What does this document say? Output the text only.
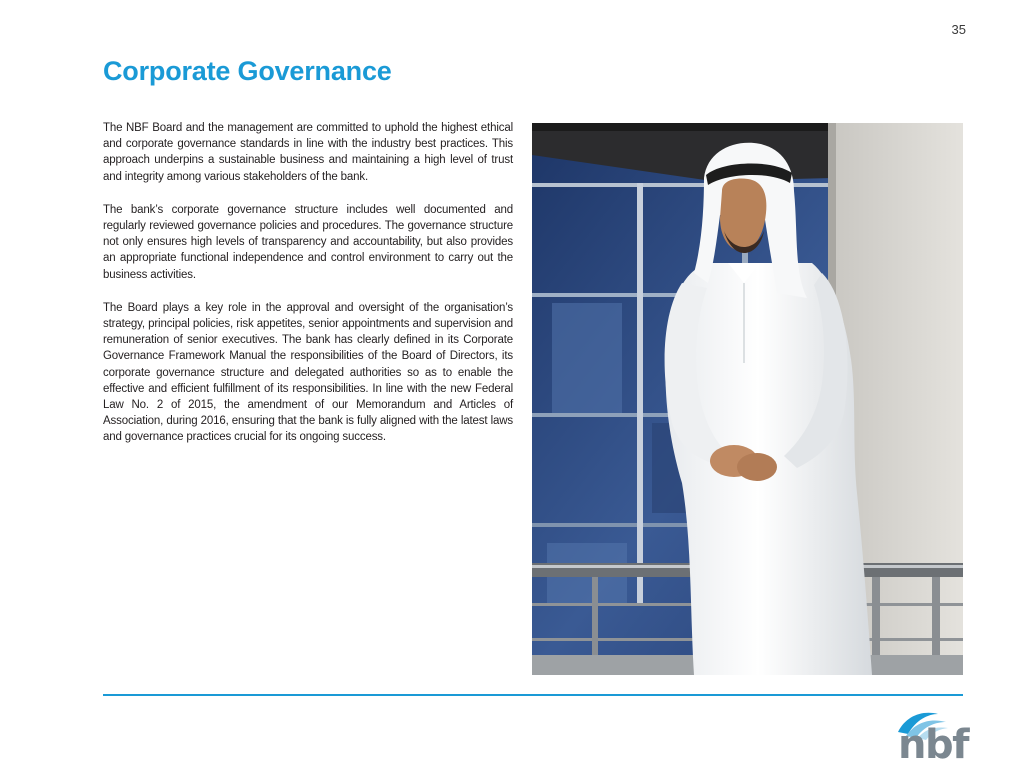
35
Corporate Governance

The NBF Board and the management are committed to uphold the highest ethical and corporate governance standards in line with the industry best practices. This approach underpins a sustainable business and maintaining a high level of trust and integrity among various stakeholders of the bank.

The bank’s corporate governance structure includes well documented and regularly reviewed governance policies and procedures. The governance structure not only ensures high levels of transparency and accountability, but also provides an appropriate functional independence and control environment to carry out the business activities.

The Board plays a key role in the approval and oversight of the organisation’s strategy, principal policies, risk appetites, senior appointments and supervision and remuneration of senior executives. The bank has clearly defined in its Corporate Governance Framework Manual the responsibilities of the Board of Directors, its corporate governance structure and delegated authorities so as to enable the effective and efficient fulfillment of its responsibilities. In line with the new Federal Law No. 2 of 2015, the amendment of our Memorandum and Articles of Association, during 2016, ensuring that the bank is fully aligned with the latest laws and governance practices crucial for its ongoing success.

nbf
